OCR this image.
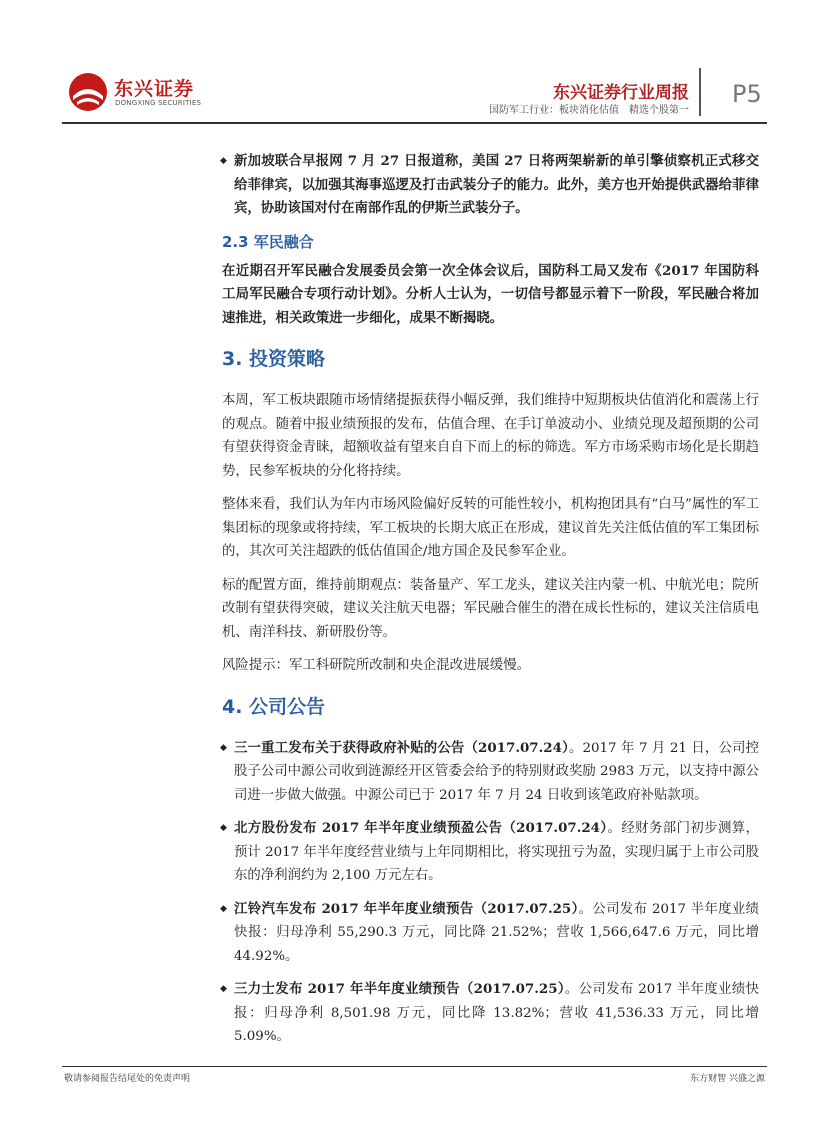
东兴证券
DONGXING SECURITIES	东兴证券行业周报
国防军工行业：板块消化估值　精选个股第一
P5
◆ 新加坡联合早报网 7 月 27 日报道称，美国 27 日将两架崭新的单引擎侦察机正式移交给菲律宾，以加强其海事巡逻及打击武装分子的能力。此外，美方也开始提供武器给菲律宾，协助该国对付在南部作乱的伊斯兰武装分子。
2.3 军民融合

在近期召开军民融合发展委员会第一次全体会议后，国防科工局又发布《2017 年国防科工局军民融合专项行动计划》。分析人士认为，一切信号都显示着下一阶段，军民融合将加速推进，相关政策进一步细化，成果不断揭晓。

3. 投资策略

本周，军工板块跟随市场情绪提振获得小幅反弹，我们维持中短期板块估值消化和震荡上行的观点。随着中报业绩预报的发布，估值合理、在手订单波动小、业绩兑现及超预期的公司有望获得资金青睐，超额收益有望来自自下而上的标的筛选。军方市场采购市场化是长期趋势，民参军板块的分化将持续。

整体来看，我们认为年内市场风险偏好反转的可能性较小，机构抱团具有“白马”属性的军工集团标的现象或将持续，军工板块的长期大底正在形成，建议首先关注低估值的军工集团标的，其次可关注超跌的低估值国企/地方国企及民参军企业。

标的配置方面，维持前期观点：装备量产、军工龙头，建议关注内蒙一机、中航光电；院所改制有望获得突破，建议关注航天电器；军民融合催生的潜在成长性标的，建议关注信质电机、南洋科技、新研股份等。

风险提示：军工科研院所改制和央企混改进展缓慢。

4. 公司公告
◆ 三一重工发布关于获得政府补贴的公告（2017.07.24）。2017 年 7 月 21 日，公司控股子公司中源公司收到涟源经开区管委会给予的特别财政奖励 2983 万元，以支持中源公司进一步做大做强。中源公司已于 2017 年 7 月 24 日收到该笔政府补贴款项。
◆ 北方股份发布 2017 年半年度业绩预盈公告（2017.07.24）。经财务部门初步测算，预计 2017 年半年度经营业绩与上年同期相比，将实现扭亏为盈，实现归属于上市公司股东的净利润约为 2,100 万元左右。
◆ 江铃汽车发布 2017 年半年度业绩预告（2017.07.25）。公司发布 2017 半年度业绩快报：归母净利 55,290.3 万元，同比降 21.52%；营收 1,566,647.6 万元，同比增 44.92%。
◆ 三力士发布 2017 年半年度业绩预告（2017.07.25）。公司发布 2017 半年度业绩快报：归母净利 8,501.98 万元，同比降 13.82%；营收 41,536.33 万元，同比增 5.09%。
敬请参阅报告结尾处的免责声明	东方财智 兴盛之源
